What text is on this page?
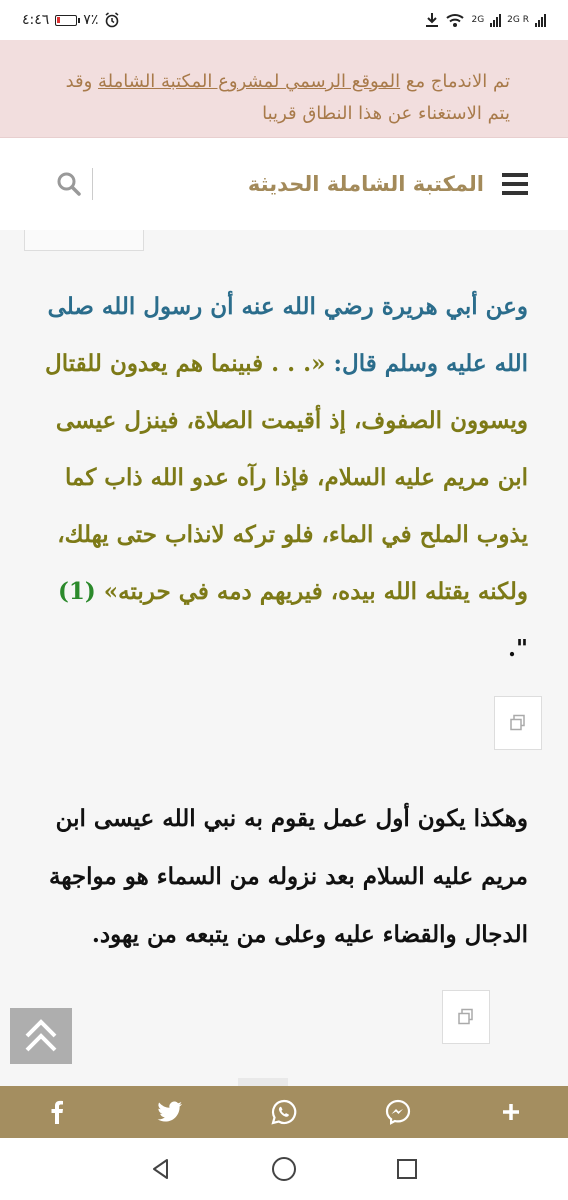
٤:٤٦ ٧٪	2G	2G R
تم الاندماج مع الموقع الرسمي لمشروع المكتبة الشاملة وقد يتم الاستغناء عن هذا النطاق قريبا
المكتبة الشاملة الحديثة

وعن أبي هريرة رضي الله عنه أن رسول الله صلى الله عليه وسلم قال: «. . . فبينما هم يعدون للقتال ويسوون الصفوف، إذ أقيمت الصلاة، فينزل عيسى ابن مريم عليه السلام، فإذا رآه عدو الله ذاب كما يذوب الملح في الماء، فلو تركه لانذاب حتى يهلك، ولكنه يقتله الله بيده، فيريهم دمه في حربته» (1) ".

وهكذا يكون أول عمل يقوم به نبي الله عيسى ابن مريم عليه السلام بعد نزوله من السماء هو مواجهة الدجال والقضاء عليه وعلى من يتبعه من يهود.
